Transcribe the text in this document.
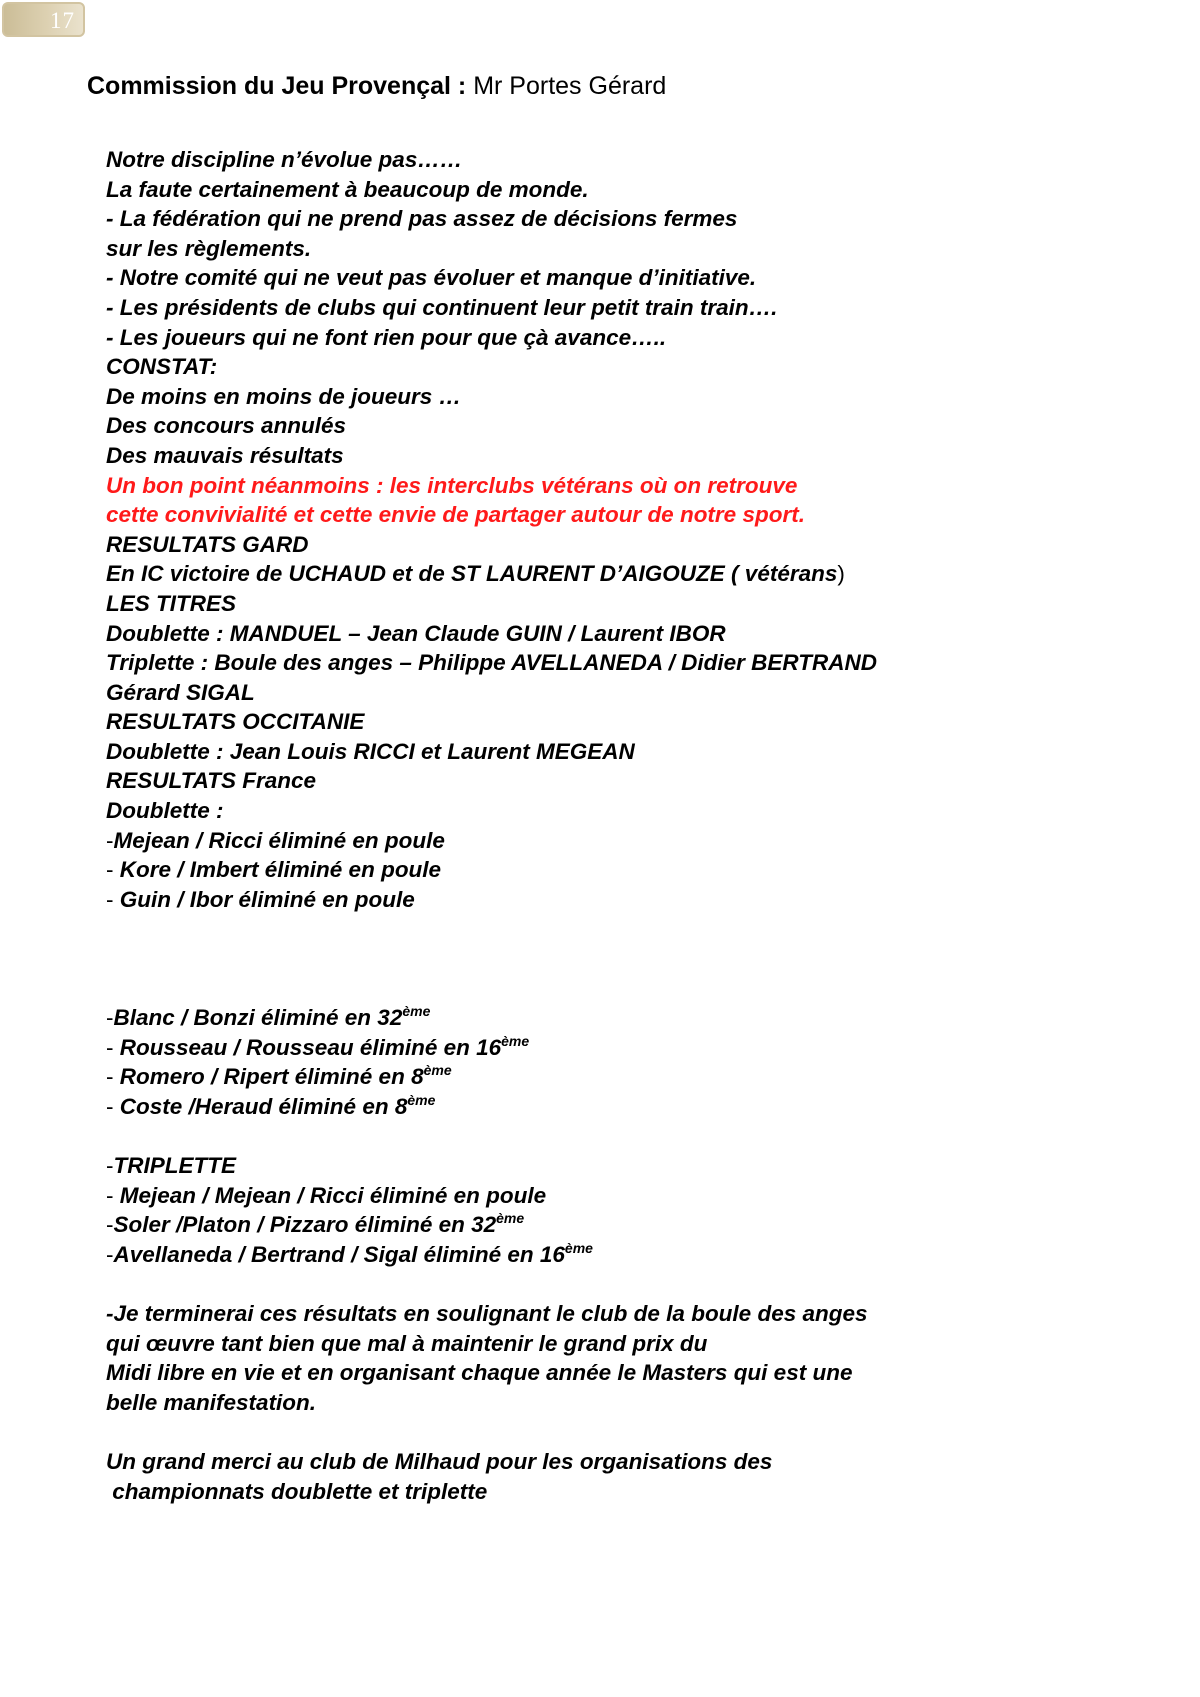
17
Commission du Jeu Provençal : Mr Portes Gérard
Notre discipline n’évolue pas……
La faute certainement à beaucoup de monde.
- La fédération qui ne prend pas assez de décisions fermes
sur les règlements.
- Notre comité qui ne veut pas évoluer et manque d’initiative.
- Les présidents de clubs qui continuent leur petit train train….
- Les joueurs qui ne font rien pour que çà avance…..
CONSTAT:
De moins en moins de joueurs …
Des concours annulés
Des mauvais résultats
Un bon point néanmoins : les interclubs vétérans où on retrouve
cette convivialité et cette envie de partager autour de notre sport.
RESULTATS GARD
En IC victoire de UCHAUD et de ST LAURENT D’AIGOUZE ( vétérans)
LES TITRES
Doublette : MANDUEL – Jean Claude GUIN / Laurent IBOR
Triplette : Boule des anges – Philippe AVELLANEDA / Didier BERTRAND
Gérard SIGAL
RESULTATS OCCITANIE
Doublette : Jean Louis RICCI et Laurent MEGEAN
RESULTATS France
Doublette :
-Mejean / Ricci éliminé en poule
- Kore / Imbert éliminé en poule
- Guin / Ibor éliminé en poule
-Blanc / Bonzi éliminé en 32ème
- Rousseau / Rousseau éliminé en 16ème
- Romero / Ripert éliminé en 8ème
- Coste /Heraud éliminé en 8ème
-TRIPLETTE
- Mejean / Mejean / Ricci éliminé en poule
-Soler /Platon / Pizzaro éliminé en 32ème
-Avellaneda / Bertrand / Sigal éliminé en 16ème
-Je terminerai ces résultats en soulignant le club de la boule des anges
qui œuvre tant bien que mal à maintenir le grand prix du
Midi libre en vie et en organisant chaque année le Masters qui est une
belle manifestation.
Un grand merci au club de Milhaud pour les organisations des
championnats doublette et triplette
